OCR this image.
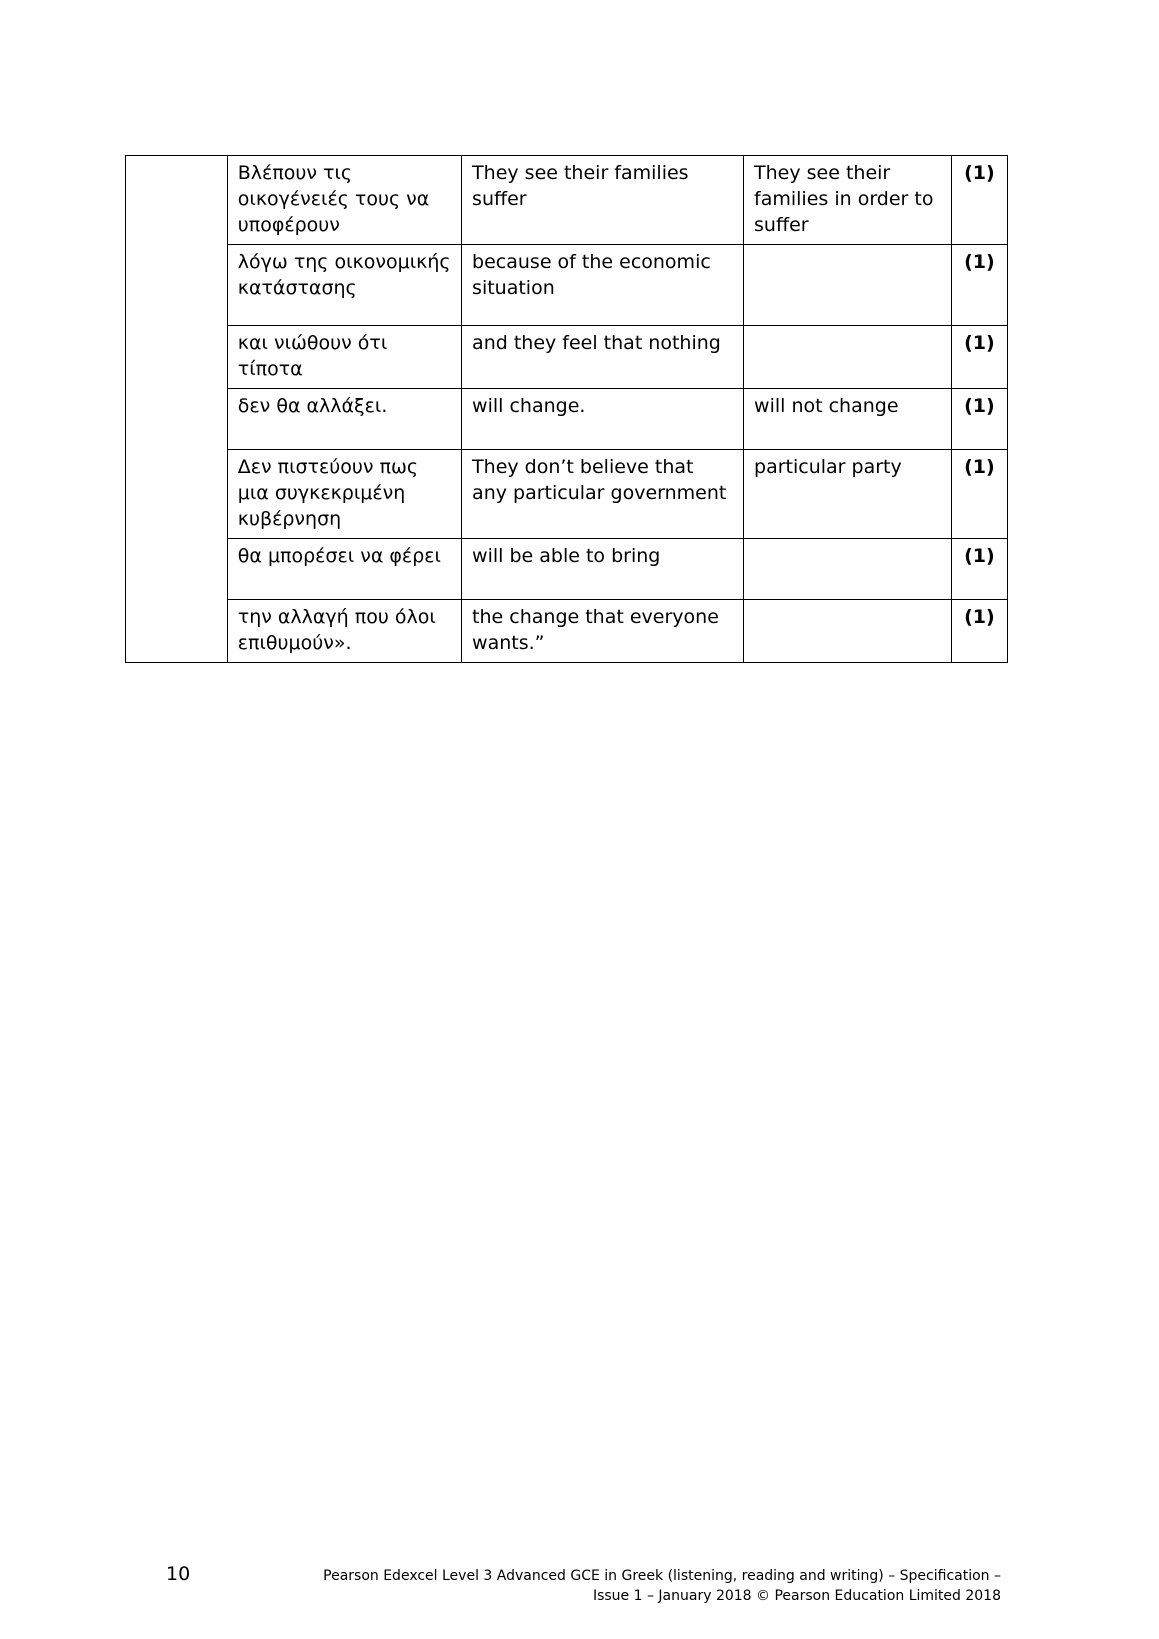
	Βλέπουν τις οικογένειές τους να υποφέρουν	They see their families suffer	They see their families in order to suffer	(1)
	λόγω της οικονομικής κατάστασης	because of the economic situation		(1)
	και νιώθουν ότι τίποτα	and they feel that nothing		(1)
	δεν θα αλλάξει.	will change.	will not change	(1)
	Δεν πιστεύουν πως μια συγκεκριμένη κυβέρνηση	They don’t believe that any particular government	particular party	(1)
	θα μπορέσει να φέρει	will be able to bring		(1)
	την αλλαγή που όλοι επιθυμούν».	the change that everyone wants.”		(1)
10	Pearson Edexcel Level 3 Advanced GCE in Greek (listening, reading and writing) – Specification –
Issue 1 – January 2018 © Pearson Education Limited 2018
